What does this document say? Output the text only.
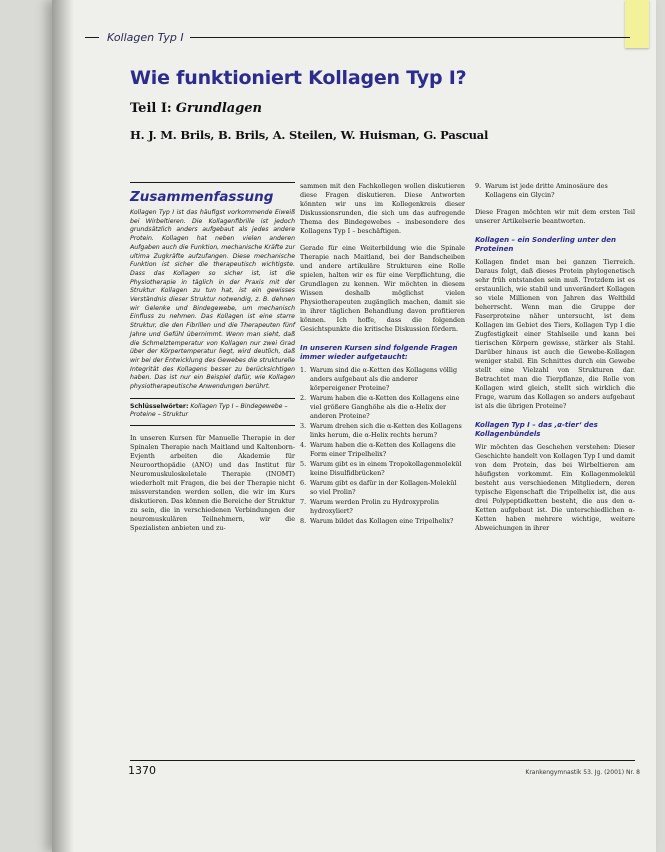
Kollagen Typ I
Wie funktioniert Kollagen Typ I?
Teil I: Grundlagen
H. J. M. Brils, B. Brils, A. Steilen, W. Huisman, G. Pascual
Zusammenfassung

Kollagen Typ I ist das häufigst vorkommende Eiweiß bei Wirbeltieren. Die Kollagenfibrille ist jedoch grundsätzlich anders aufgebaut als jedes andere Protein. Kollagen hat neben vielen anderen Aufgaben auch die Funktion, mechanische Kräfte zur ultima Zugkräfte aufzufangen. Diese mechanische Funktion ist sicher die therapeutisch wichtigste. Dass das Kollagen so sicher ist, ist die Physiotherapie in täglich in der Praxis mit der Struktur Kollagen zu tun hat, ist ein gewisses Verständnis dieser Struktur notwendig, z. B. dehnen wir Gelenke und Bindegewebe, um mechanisch Einfluss zu nehmen. Das Kollagen ist eine starre Struktur, die den Fibrillen und die Therapeuten fünf Jahre und Gefühl übernimmt. Wenn man sieht, daß die Schmelztemperatur von Kollagen nur zwei Grad über der Körpertemperatur liegt, wird deutlich, daß wir bei der Entwicklung des Gewebes die strukturelle Integrität des Kollagens besser zu berücksichtigen haben. Das ist nur ein Beispiel dafür, wie Kollagen physiotherapeutische Anwendungen berührt.

Schlüsselwörter: Kollagen Typ I – Bindegewebe – Proteine – Struktur

In unseren Kursen für Manuelle Therapie in der Spinalen Therapie nach Maitland und Kaltenborn-Evjenth arbeiten die Akademie für Neuroorthopädie (ANO) und das Institut für Neuromuskuloskeletale Therapie (INOMT) wiederholt mit Fragen, die bei der Therapie nicht missverstanden werden sollen, die wir im Kurs diskutieren. Das können die Bereiche der Struktur zu sein, die in verschiedenen Verbindungen der neuromuskulären Teilnehmern, wir die Spezialisten anbieten und zu-

sammen mit den Fachkollegen wollen diskutieren diese Fragen diskutieren. Diese Antworten könnten wir uns im Kollegenkreis dieser Diskussionsrunden, die sich um das aufregende Thema des Bindegewebes – insbesondere des Kollagens Typ I – beschäftigen.

Gerade für eine Weiterbildung wie die Spinale Therapie nach Maitland, bei der Bandscheiben und andere artikuläre Strukturen eine Rolle spielen, halten wir es für eine Verpflichtung, die Grundlagen zu kennen. Wir möchten in diesem Wissen deshalb möglichst vielen Physiotherapeuten zugänglich machen, damit sie in ihrer täglichen Behandlung davon profitieren können. Ich hoffe, dass die folgenden Gesichtspunkte die kritische Diskussion fördern.

In unseren Kursen sind folgende Fragen immer wieder aufgetaucht:
1. Warum sind die α-Ketten des Kollagens völlig anders aufgebaut als die anderer körpereigener Proteine?
2. Warum haben die α-Ketten des Kollagens eine viel größere Ganghöhe als die α-Helix der anderen Proteine?
3. Warum drehen sich die α-Ketten des Kollagens links herum, die α-Helix rechts herum?
4. Warum haben die α-Ketten des Kollagens die Form einer Tripelhelix?
5. Warum gibt es in einem Tropokollagenmolekül keine Disulfidbrücken?
6. Warum gibt es dafür in der Kollagen-Molekül so viel Prolin?
7. Warum werden Prolin zu Hydroxyprolin hydroxyliert?
8. Warum bildet das Kollagen eine Tripelhelix?
9. Warum ist jede dritte Aminosäure des Kollagens ein Glycin?

Diese Fragen möchten wir mit dem ersten Teil unserer Artikelserie beantworten.

Kollagen – ein Sonderling unter den Proteinen

Kollagen findet man bei ganzen Tierreich. Daraus folgt, daß dieses Protein phylogenetisch sehr früh entstanden sein muß. Trotzdem ist es erstaunlich, wie stabil und unverändert Kollagen so viele Millionen von Jahren das Weltbild beherrscht. Wenn man die Gruppe der Faserproteine näher untersucht, ist dem Kollagen im Gebiet des Tiers, Kollagen Typ I die Zugfestigkeit einer Stahlseile und kann bei tierischen Körpern gewisse, stärker als Stahl. Darüber hinaus ist auch die Gewebe-Kollagen weniger stabil. Ein Schnittes durch ein Gewebe stellt eine Vielzahl von Strukturen dar. Betrachtet man die Tierpflanze, die Rolle von Kollagen wird gleich, stellt sich wirklich die Frage, warum das Kollagen so anders aufgebaut ist als die übrigen Proteine?

Kollagen Typ I – das ‚α-tier‘ des Kollagenbündels

Wir möchten das Geschehen verstehen: Dieser Geschichte handelt von Kollagen Typ I und damit von dem Protein, das bei Wirbeltieren am häufigsten vorkommt. Ein Kollagenmolekül besteht aus verschiedenen Mitgliedern, deren typische Eigenschaft die Tripelhelix ist, die aus drei Polypeptidketten besteht, die aus den α-Ketten aufgebaut ist. Die unterschiedlichen α-Ketten haben mehrere wichtige, weitere Abweichungen in ihrer

1370	Krankengymnastik 53. Jg. (2001) Nr. 8
